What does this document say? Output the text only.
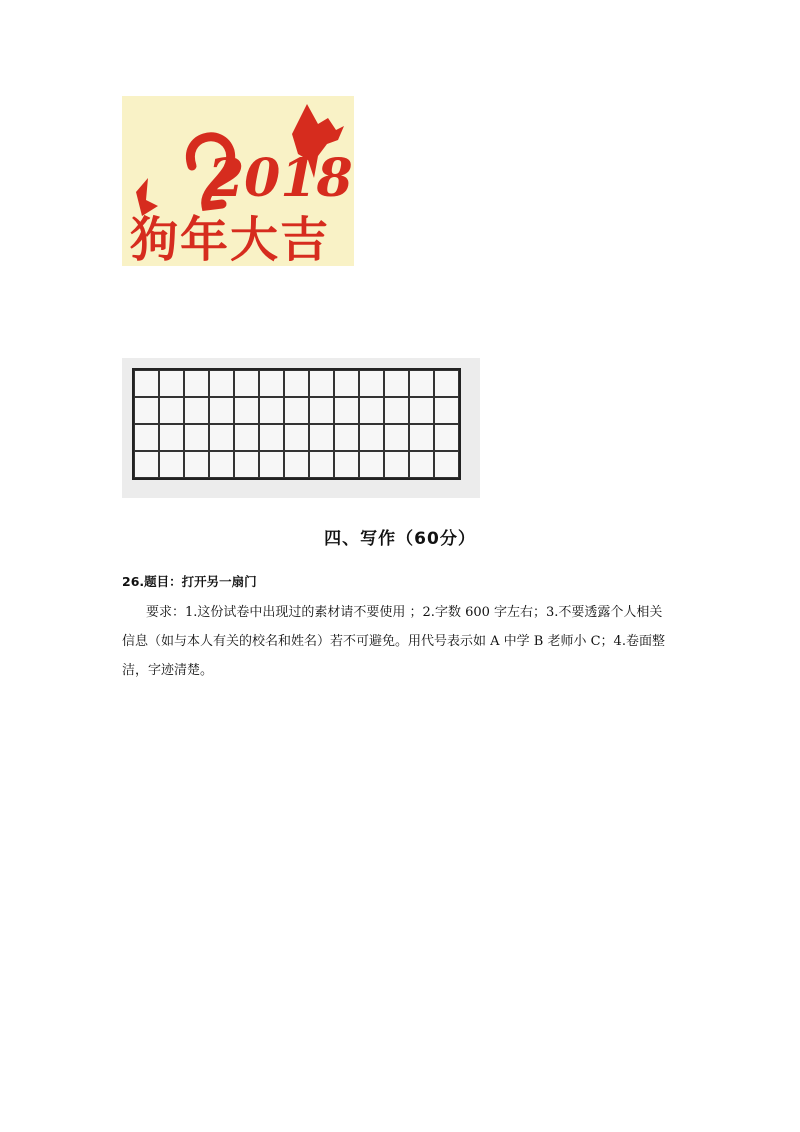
2018
狗年大吉
四、写作（60分）
26.题目：打开另一扇门
要求：1.这份试卷中出现过的素材请不要使用 ；2.字数 600 字左右；3.不要透露个人相关信息（如与本人有关的校名和姓名）若不可避免。用代号表示如 A 中学 B 老师小 C；4.卷面整洁，字迹清楚。
